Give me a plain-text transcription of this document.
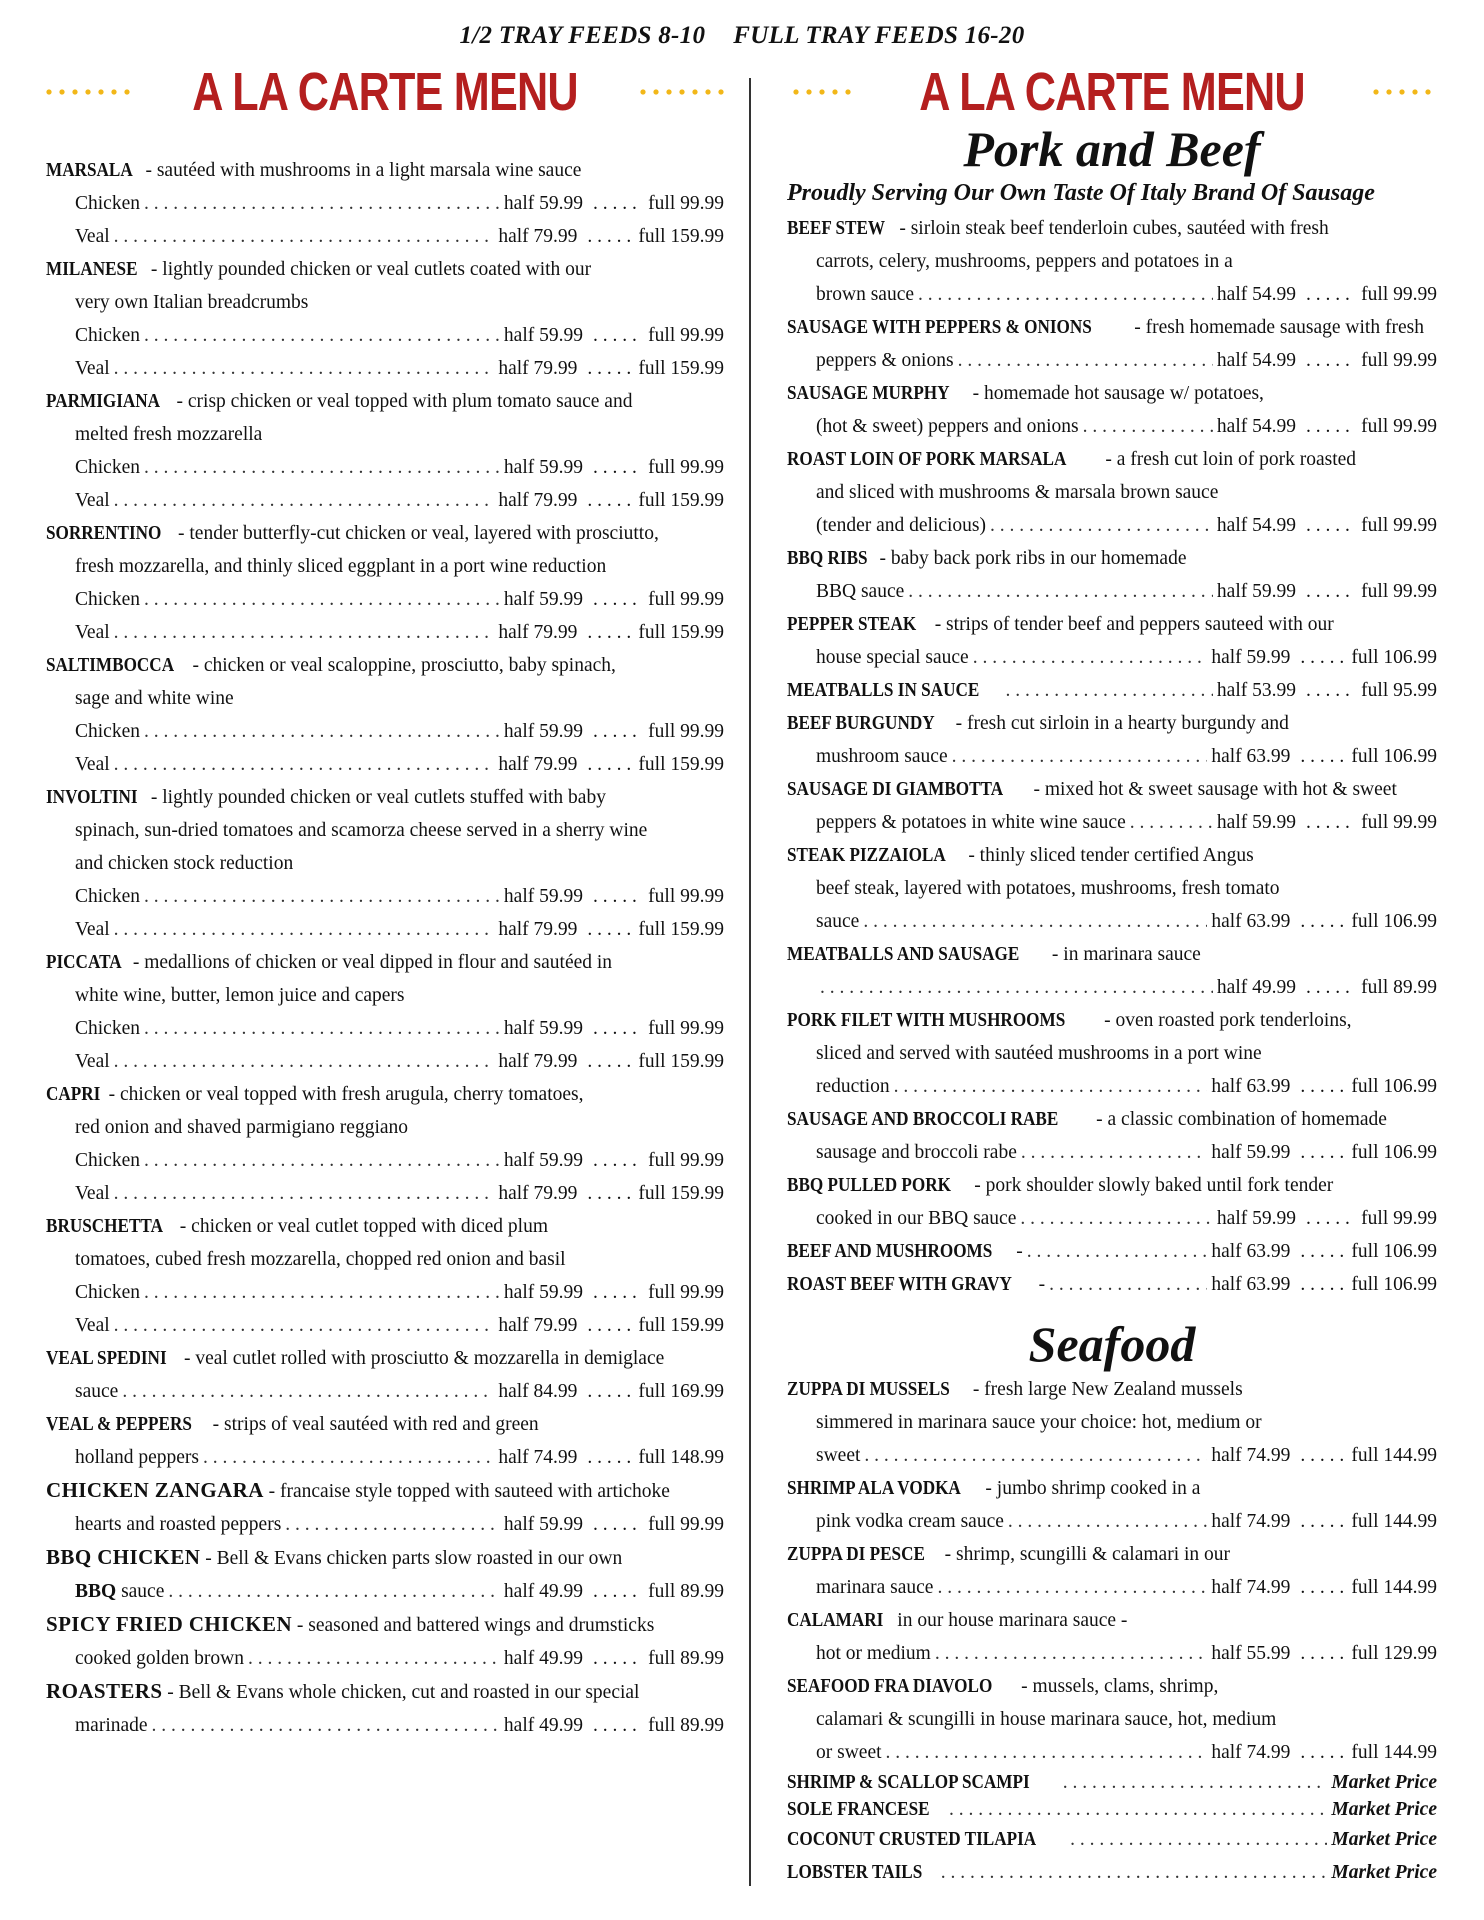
1/2 TRAY FEEDS 8-10 FULL TRAY FEEDS 16-20
A LA CARTE MENU
MARSALA - sautéed with mushrooms in a light marsala wine sauce
Chicken . . .	half 59.99 . . .	full 99.99
Veal . . .	half 79.99 . . .	full 159.99
MILANESE - lightly pounded chicken or veal cutlets coated with our
very own Italian breadcrumbs
Chicken . . .	half 59.99 . . .	full 99.99
Veal . . .	half 79.99 . . .	full 159.99
PARMIGIANA - crisp chicken or veal topped with plum tomato sauce and
melted fresh mozzarella
Chicken . . .	half 59.99 . . .	full 99.99
Veal . . .	half 79.99 . . .	full 159.99
SORRENTINO - tender butterfly-cut chicken or veal, layered with prosciutto,
fresh mozzarella, and thinly sliced eggplant in a port wine reduction
Chicken . . .	half 59.99 . . .	full 99.99
Veal . . .	half 79.99 . . .	full 159.99
SALTIMBOCCA - chicken or veal scaloppine, prosciutto, baby spinach,
sage and white wine
Chicken . . .	half 59.99 . . .	full 99.99
Veal . . .	half 79.99 . . .	full 159.99
INVOLTINI - lightly pounded chicken or veal cutlets stuffed with baby
spinach, sun-dried tomatoes and scamorza cheese served in a sherry wine
and chicken stock reduction
Chicken . . .	half 59.99 . . .	full 99.99
Veal . . .	half 79.99 . . .	full 159.99
PICCATA - medallions of chicken or veal dipped in flour and sautéed in
white wine, butter, lemon juice and capers
Chicken . . .	half 59.99 . . .	full 99.99
Veal . . .	half 79.99 . . .	full 159.99
CAPRI - chicken or veal topped with fresh arugula, cherry tomatoes,
red onion and shaved parmigiano reggiano
Chicken . . .	half 59.99 . . .	full 99.99
Veal . . .	half 79.99 . . .	full 159.99
BRUSCHETTA - chicken or veal cutlet topped with diced plum
tomatoes, cubed fresh mozzarella, chopped red onion and basil
Chicken . . .	half 59.99 . . .	full 99.99
Veal . . .	half 79.99 . . .	full 159.99
VEAL SPEDINI - veal cutlet rolled with prosciutto & mozzarella in demiglace
sauce . . .	half 84.99 . . .	full 169.99
VEAL & PEPPERS - strips of veal sautéed with red and green
holland peppers . . .	half 74.99 . . .	full 148.99
CHICKEN ZANGARA - francaise style topped with sauteed with artichoke
hearts and roasted peppers . . .	half 59.99 . . .	full 99.99
BBQ CHICKEN - Bell & Evans chicken parts slow roasted in our own
BBQ sauce . . .	half 49.99 . . .	full 89.99
SPICY FRIED CHICKEN - seasoned and battered wings and drumsticks
cooked golden brown . . .	half 49.99 . . .	full 89.99
ROASTERS - Bell & Evans whole chicken, cut and roasted in our special
marinade . . .	half 49.99 . . .	full 89.99
A LA CARTE MENU
Pork and Beef
Proudly Serving Our Own Taste Of Italy Brand Of Sausage
BEEF STEW - sirloin steak beef tenderloin cubes, sautéed with fresh
carrots, celery, mushrooms, peppers and potatoes in a
brown sauce . . .	half 54.99 . . .	full 99.99
SAUSAGE WITH PEPPERS & ONIONS - fresh homemade sausage with fresh
peppers & onions . . .	half 54.99 . . .	full 99.99
SAUSAGE MURPHY - homemade hot sausage w/ potatoes,
(hot & sweet) peppers and onions . . .	half 54.99 . . .	full 99.99
ROAST LOIN OF PORK MARSALA - a fresh cut loin of pork roasted
and sliced with mushrooms & marsala brown sauce
(tender and delicious) . . .	half 54.99 . . .	full 99.99
BBQ RIBS - baby back pork ribs in our homemade
BBQ sauce . . .	half 59.99 . . .	full 99.99
PEPPER STEAK - strips of tender beef and peppers sauteed with our
house special sauce . . .	half 59.99 . . .	full 106.99
MEATBALLS IN SAUCE . . .	half 53.99 . . .	full 95.99
BEEF BURGUNDY - fresh cut sirloin in a hearty burgundy and
mushroom sauce . . .	half 63.99 . . .	full 106.99
SAUSAGE DI GIAMBOTTA - mixed hot & sweet sausage with hot & sweet
peppers & potatoes in white wine sauce . . .	half 59.99 . . .	full 99.99
STEAK PIZZAIOLA - thinly sliced tender certified Angus
beef steak, layered with potatoes, mushrooms, fresh tomato
sauce . . .	half 63.99 . . .	full 106.99
MEATBALLS AND SAUSAGE - in marinara sauce
. . .
half 49.99 . . .	full 89.99
PORK FILET WITH MUSHROOMS - oven roasted pork tenderloins,
sliced and served with sautéed mushrooms in a port wine
reduction . . .	half 63.99 . . .	full 106.99
SAUSAGE AND BROCCOLI RABE - a classic combination of homemade
sausage and broccoli rabe . . .	half 59.99 . . .	full 106.99
BBQ PULLED PORK - pork shoulder slowly baked until fork tender
cooked in our BBQ sauce . . .	half 59.99 . . .	full 99.99
BEEF AND MUSHROOMS - . . .	half 63.99 . . .	full 106.99
ROAST BEEF WITH GRAVY - . . .	half 63.99 . . .	full 106.99
Seafood
ZUPPA DI MUSSELS - fresh large New Zealand mussels
simmered in marinara sauce your choice: hot, medium or
sweet . . .	half 74.99 . . .	full 144.99
SHRIMP ALA VODKA - jumbo shrimp cooked in a
pink vodka cream sauce . . .	half 74.99 . . .	full 144.99
ZUPPA DI PESCE - shrimp, scungilli & calamari in our
marinara sauce . . .	half 74.99 . . .	full 144.99
CALAMARI in our house marinara sauce -
hot or medium . . .	half 55.99 . . .	full 129.99
SEAFOOD FRA DIAVOLO - mussels, clams, shrimp,
calamari & scungilli in house marinara sauce, hot, medium
or sweet . . .	half 74.99 . . .	full 144.99
SHRIMP & SCALLOP SCAMPI . . .	Market Price
SOLE FRANCESE . . .	Market Price
COCONUT CRUSTED TILAPIA . . .	Market Price
LOBSTER TAILS . . .	Market Price
